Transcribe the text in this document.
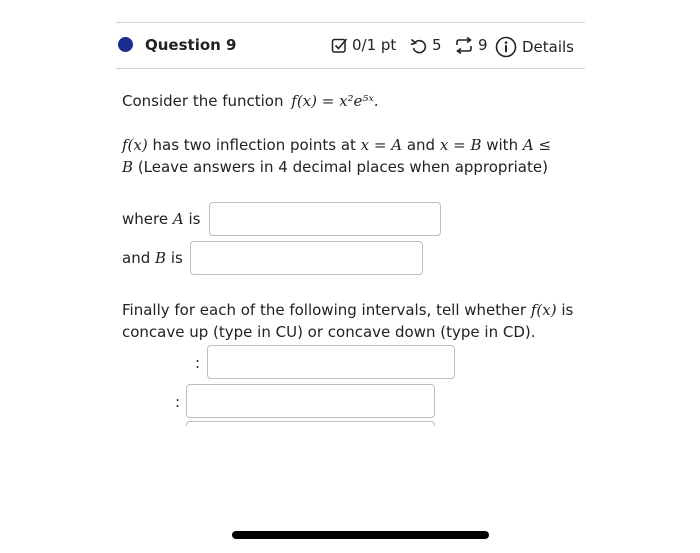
Question 9	0/1 pt 5 9 Details
Consider the function f(x) = x²e⁵ˣ.
f(x) has two inflection points at x = A and x = B with A ≤ B (Leave answers in 4 decimal places when appropriate)
where A is
and B is
Finally for each of the following intervals, tell whether f(x) is concave up (type in CU) or concave down (type in CD).
:
:
